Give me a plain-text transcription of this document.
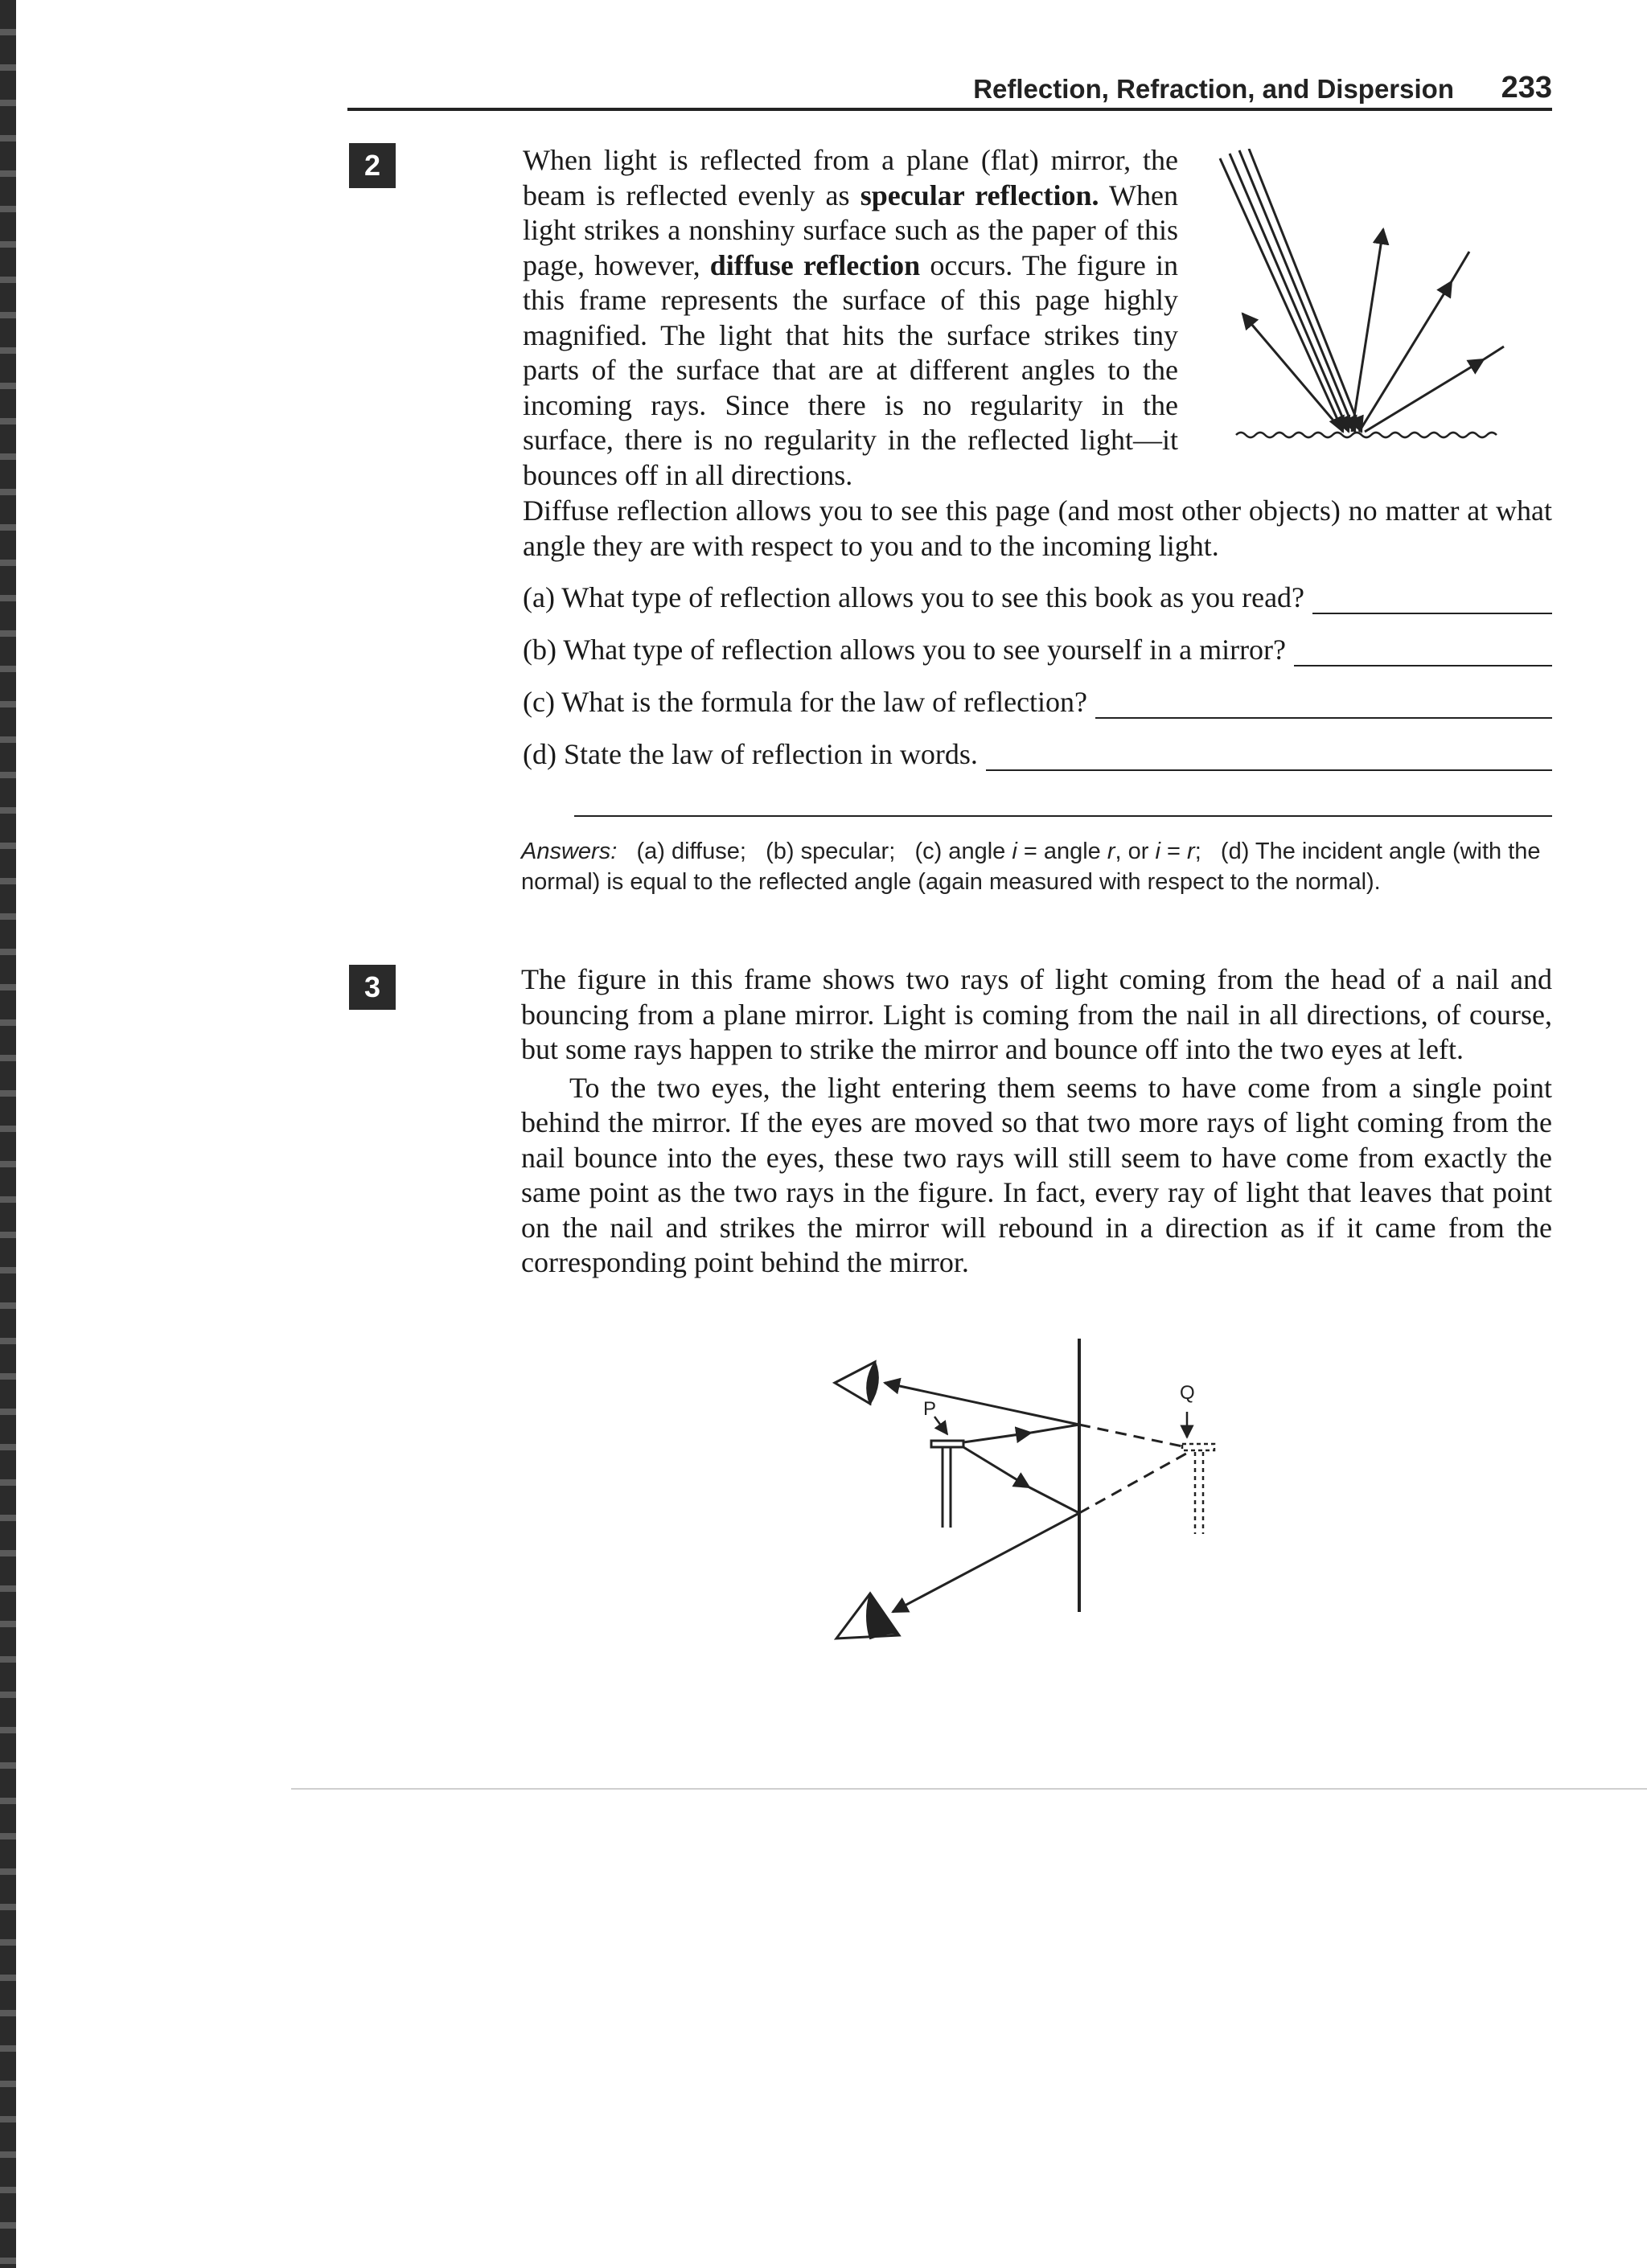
Reflection, Refraction, and Dispersion 233
2	When light is reflected from a plane (flat) mirror, the beam is reflected evenly as specular reflection. When light strikes a nonshiny surface such as the paper of this page, however, diffuse reflection occurs. The figure in this frame represents the surface of this page highly magnified. The light that hits the surface strikes tiny parts of the surface that are at different angles to the incoming rays. Since there is no regularity in the surface, there is no regularity in the reflected light—it bounces off in all directions.

Diffuse reflection allows you to see this page (and most other objects) no matter at what angle they are with respect to you and to the incoming light.

(a) What type of reflection allows you to see this book as you read?
(b) What type of reflection allows you to see yourself in a mirror?
(c) What is the formula for the law of reflection?
(d) State the law of reflection in words.
Answers: (a) diffuse; (b) specular; (c) angle i = angle r, or i = r; (d) The incident angle (with the normal) is equal to the reflected angle (again measured with respect to the normal).
3	The figure in this frame shows two rays of light coming from the head of a nail and bouncing from a plane mirror. Light is coming from the nail in all directions, of course, but some rays happen to strike the mirror and bounce off into the two eyes at left.

To the two eyes, the light entering them seems to have come from a single point behind the mirror. If the eyes are moved so that two more rays of light coming from the nail bounce into the eyes, these two rays will still seem to have come from exactly the same point as the two rays in the figure. In fact, every ray of light that leaves that point on the nail and strikes the mirror will rebound in a direction as if it came from the corresponding point behind the mirror.

P
Q
